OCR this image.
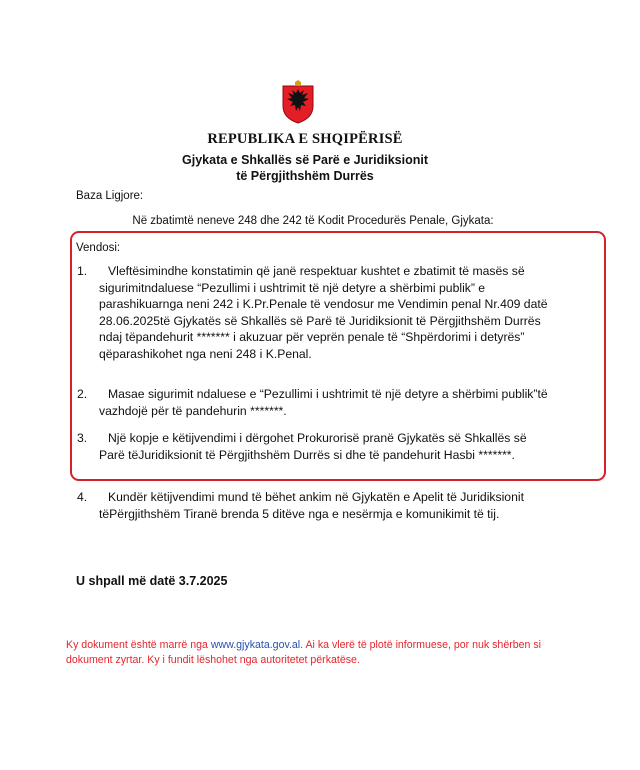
REPUBLIKA E SHQIPËRISË
Gjykata e Shkallës së Parë e Juridiksionit
të Përgjithshëm Durrës
Baza Ligjore:
Në zbatimtë neneve 248 dhe 242 të Kodit Procedurës Penale, Gjykata:
Vendosi:
1.	Vleftësimindhe konstatimin që janë respektuar kushtet e zbatimit të masës së sigurimitndaluese “Pezullimi i ushtrimit të një detyre a shërbimi publik” e parashikuarnga neni 242 i K.Pr.Penale të vendosur me Vendimin penal Nr.409 datë 28.06.2025të Gjykatës së Shkallës së Parë të Juridiksionit të Përgjithshëm Durrës ndaj tëpandehurit ******* i akuzuar për veprën penale të “Shpërdorimi i detyrës” qëparashikohet nga neni 248 i K.Penal.
2.	Masae sigurimit ndaluese e “Pezullimi i ushtrimit të një detyre a shërbimi publik”të vazhdojë për të pandehurin *******.
3.	Një kopje e këtijvendimi i dërgohet Prokurorisë pranë Gjykatës së Shkallës së Parë tëJuridiksionit të Përgjithshëm Durrës si dhe të pandehurit Hasbi *******.
4.	Kundër këtijvendimi mund të bëhet ankim në Gjykatën e Apelit të Juridiksionit tëPërgjithshëm Tiranë brenda 5 ditëve nga e nesërmja e komunikimit të tij.
U shpall më datë 3.7.2025
Ky dokument është marrë nga www.gjykata.gov.al. Ai ka vlerë të plotë informuese, por nuk shërben si dokument zyrtar. Ky i fundit lëshohet nga autoritetet përkatëse.
